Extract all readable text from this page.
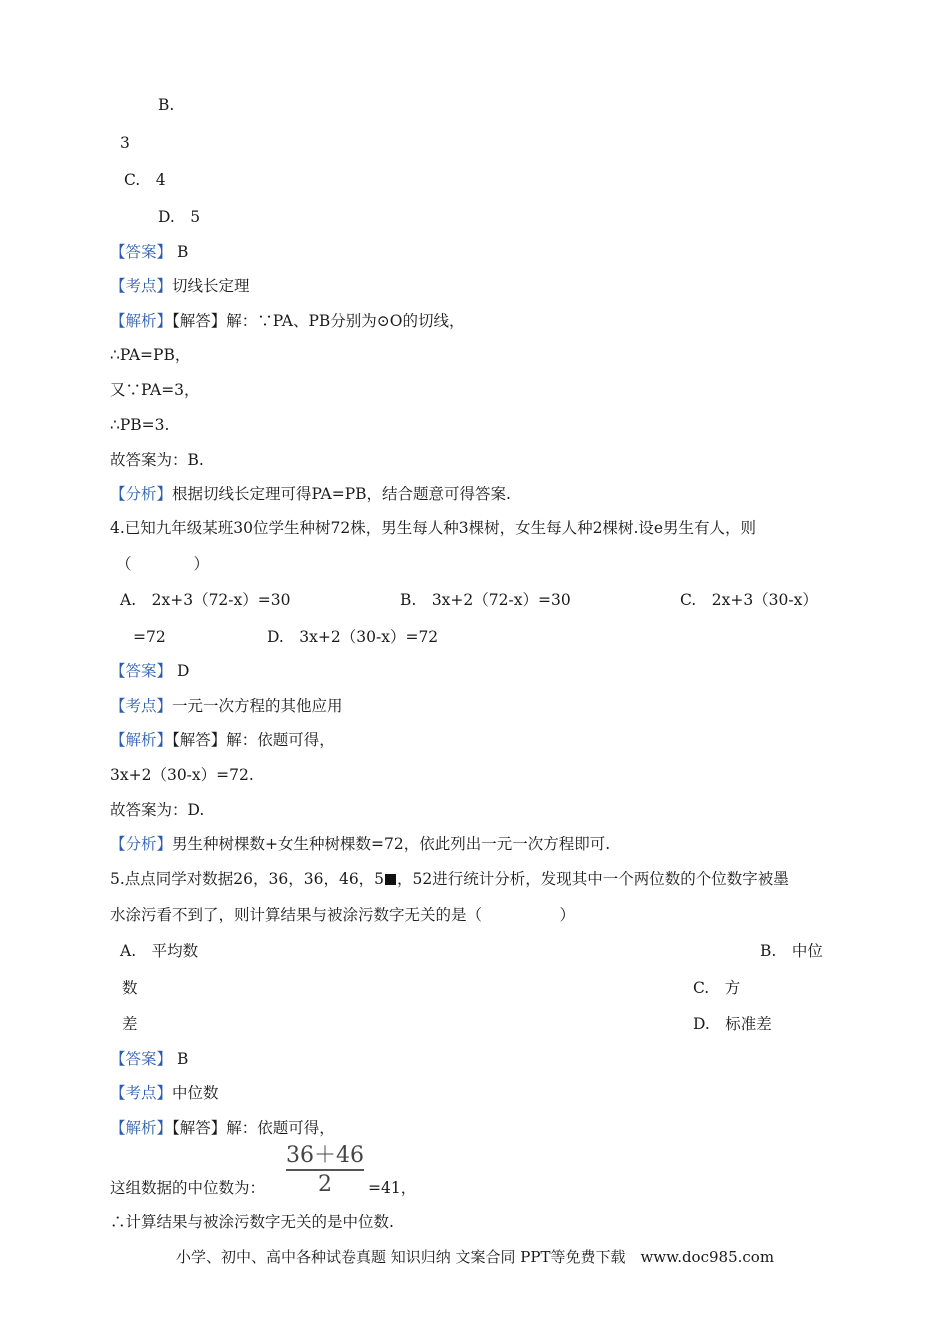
B.
3
C.　4
D.　5
【答案】 B
【考点】切线长定理
【解析】【解答】解：∵PA、PB分别为⊙O的切线，
∴PA=PB，
又∵PA=3，
∴PB=3.
故答案为：B.
【分析】根据切线长定理可得PA=PB，结合题意可得答案.
4.已知九年级某班30位学生种树72株，男生每人种3棵树，女生每人种2棵树.设e男生有人，则
（　　　　）
A.　2x+3（72-x）=30	B.　3x+2（72-x）=30	C.　2x+3（30-x）
=72	D.　3x+2（30-x）=72
【答案】 D
【考点】一元一次方程的其他应用
【解析】【解答】解：依题可得，
3x+2（30-x）=72.
故答案为：D.
【分析】男生种树棵数+女生种树棵数=72，依此列出一元一次方程即可.
5.点点同学对数据26，36，36，46，5 ，52进行统计分析，发现其中一个两位数的个位数字被墨
水涂污看不到了，则计算结果与被涂污数字无关的是（　　　　　）
A.　平均数	B.　中位
数	C.　方
差	D.　标准差
【答案】 B
【考点】中位数
【解析】【解答】解：依题可得，
36＋46
2
这组数据的中位数为：	=41，
∴计算结果与被涂污数字无关的是中位数.
小学、初中、高中各种试卷真题 知识归纳 文案合同 PPT等免费下载　www.doc985.com
